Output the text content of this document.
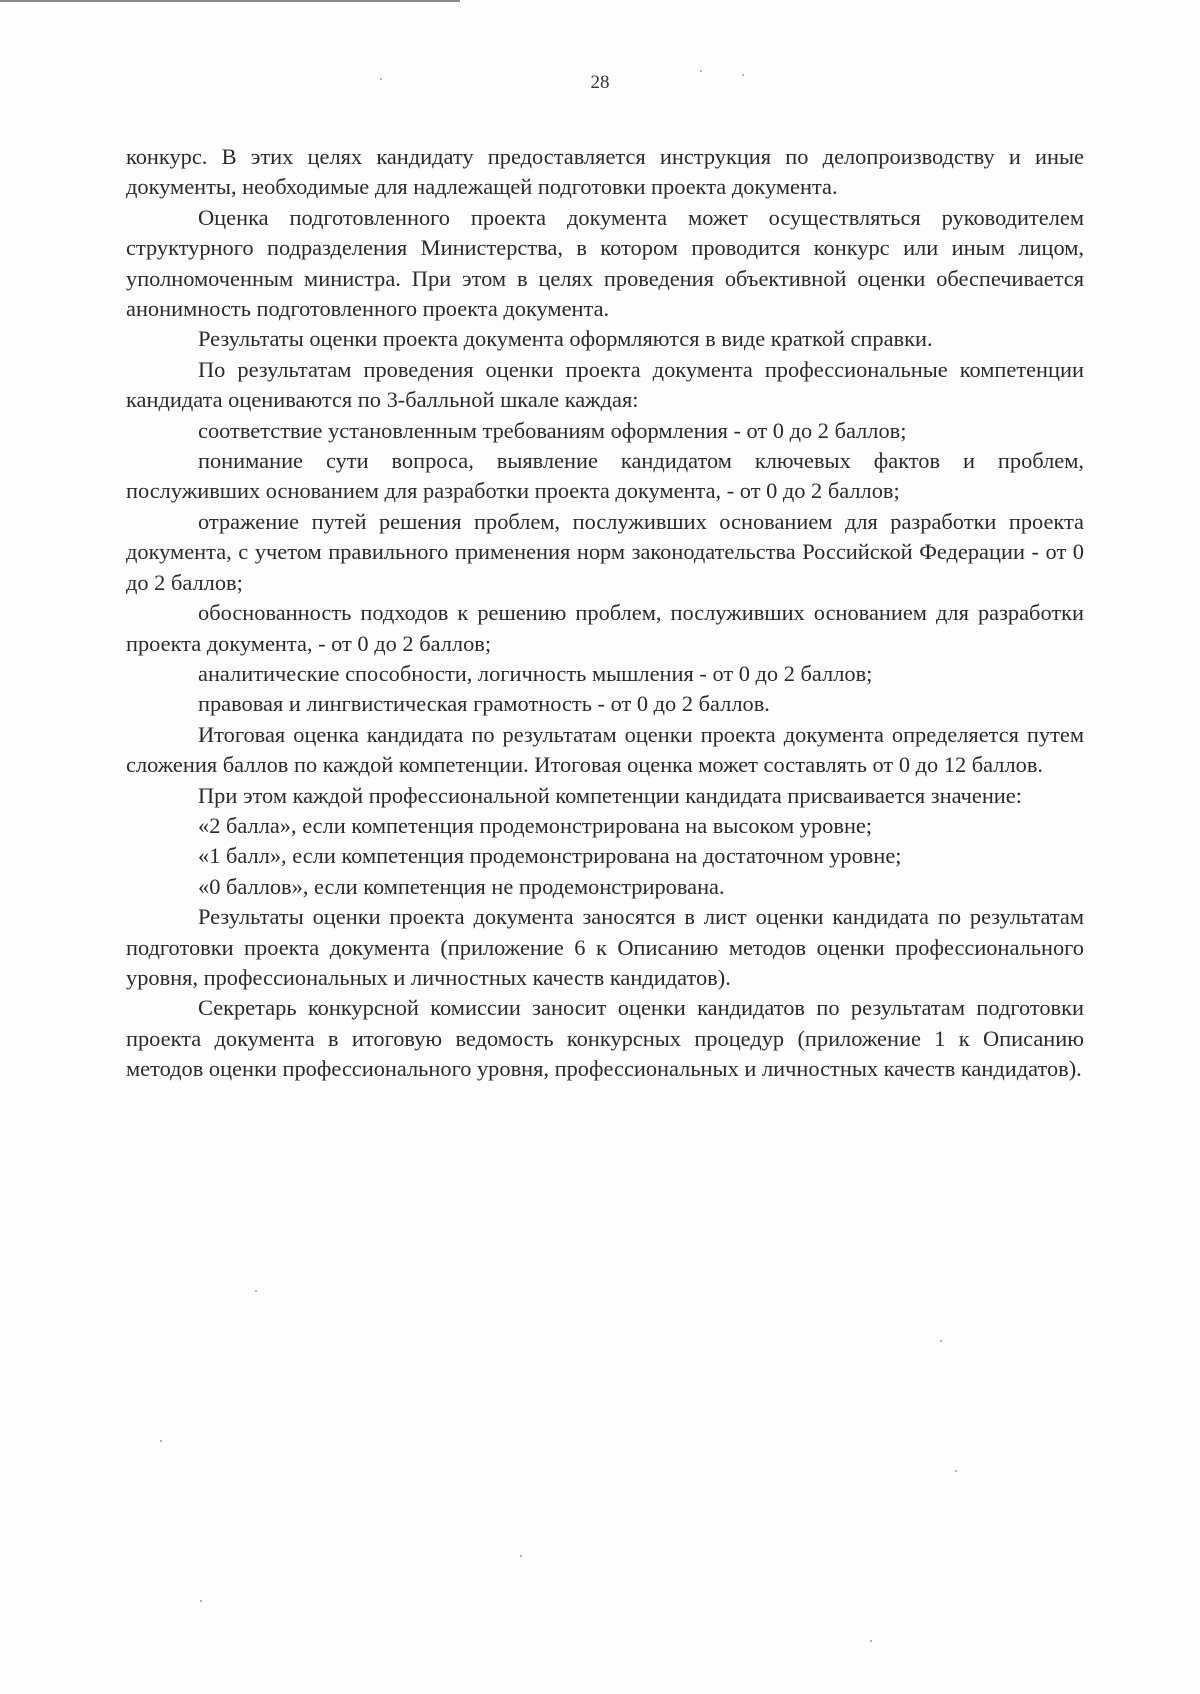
28

конкурс. В этих целях кандидату предоставляется инструкция по делопроизводству и иные документы, необходимые для надлежащей подготовки проекта документа.

Оценка подготовленного проекта документа может осуществляться руководителем структурного подразделения Министерства, в котором проводится конкурс или иным лицом, уполномоченным министра. При этом в целях проведения объективной оценки обеспечивается анонимность подготовленного проекта документа.

Результаты оценки проекта документа оформляются в виде краткой справки.

По результатам проведения оценки проекта документа профессиональные компетенции кандидата оцениваются по 3-балльной шкале каждая:

соответствие установленным требованиям оформления - от 0 до 2 баллов;

понимание сути вопроса, выявление кандидатом ключевых фактов и проблем, послуживших основанием для разработки проекта документа, - от 0 до 2 баллов;

отражение путей решения проблем, послуживших основанием для разработки проекта документа, с учетом правильного применения норм законодательства Российской Федерации - от 0 до 2 баллов;

обоснованность подходов к решению проблем, послуживших основанием для разработки проекта документа, - от 0 до 2 баллов;

аналитические способности, логичность мышления - от 0 до 2 баллов;

правовая и лингвистическая грамотность - от 0 до 2 баллов.

Итоговая оценка кандидата по результатам оценки проекта документа определяется путем сложения баллов по каждой компетенции. Итоговая оценка может составлять от 0 до 12 баллов.

При этом каждой профессиональной компетенции кандидата присваивается значение:

«2 балла», если компетенция продемонстрирована на высоком уровне;

«1 балл», если компетенция продемонстрирована на достаточном уровне;

«0 баллов», если компетенция не продемонстрирована.

Результаты оценки проекта документа заносятся в лист оценки кандидата по результатам подготовки проекта документа (приложение 6 к Описанию методов оценки профессионального уровня, профессиональных и личностных качеств кандидатов).

Секретарь конкурсной комиссии заносит оценки кандидатов по результатам подготовки проекта документа в итоговую ведомость конкурсных процедур (приложение 1 к Описанию методов оценки профессионального уровня, профессиональных и личностных качеств кандидатов).
